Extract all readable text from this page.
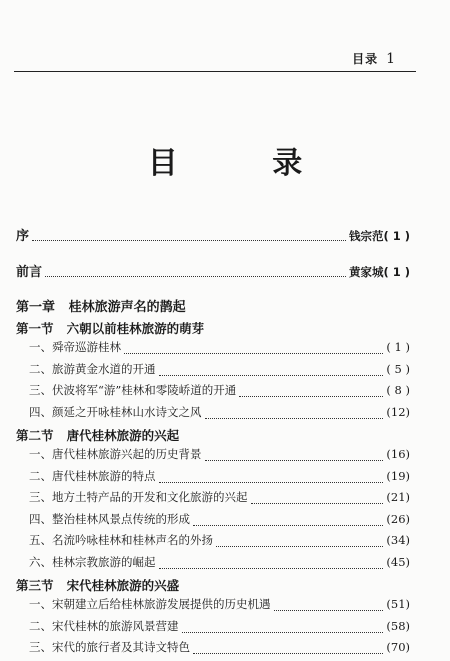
目录 1
目 录
序	钱宗范 ( 1 )
前言	黄家城 ( 1 )
第一章 桂林旅游声名的鹊起
第一节 六朝以前桂林旅游的萌芽
一、舜帝巡游桂林	( 1 )
二、旅游黄金水道的开通	( 5 )
三、伏波将军“游”桂林和零陵峤道的开通	( 8 )
四、颜延之开咏桂林山水诗文之风	(12)
第二节 唐代桂林旅游的兴起
一、唐代桂林旅游兴起的历史背景	(16)
二、唐代桂林旅游的特点	(19)
三、地方土特产品的开发和文化旅游的兴起	(21)
四、整治桂林风景点传统的形成	(26)
五、名流吟咏桂林和桂林声名的外扬	(34)
六、桂林宗教旅游的崛起	(45)
第三节 宋代桂林旅游的兴盛
一、宋朝建立后给桂林旅游发展提供的历史机遇	(51)
二、宋代桂林的旅游风景营建	(58)
三、宋代的旅行者及其诗文特色	(70)
